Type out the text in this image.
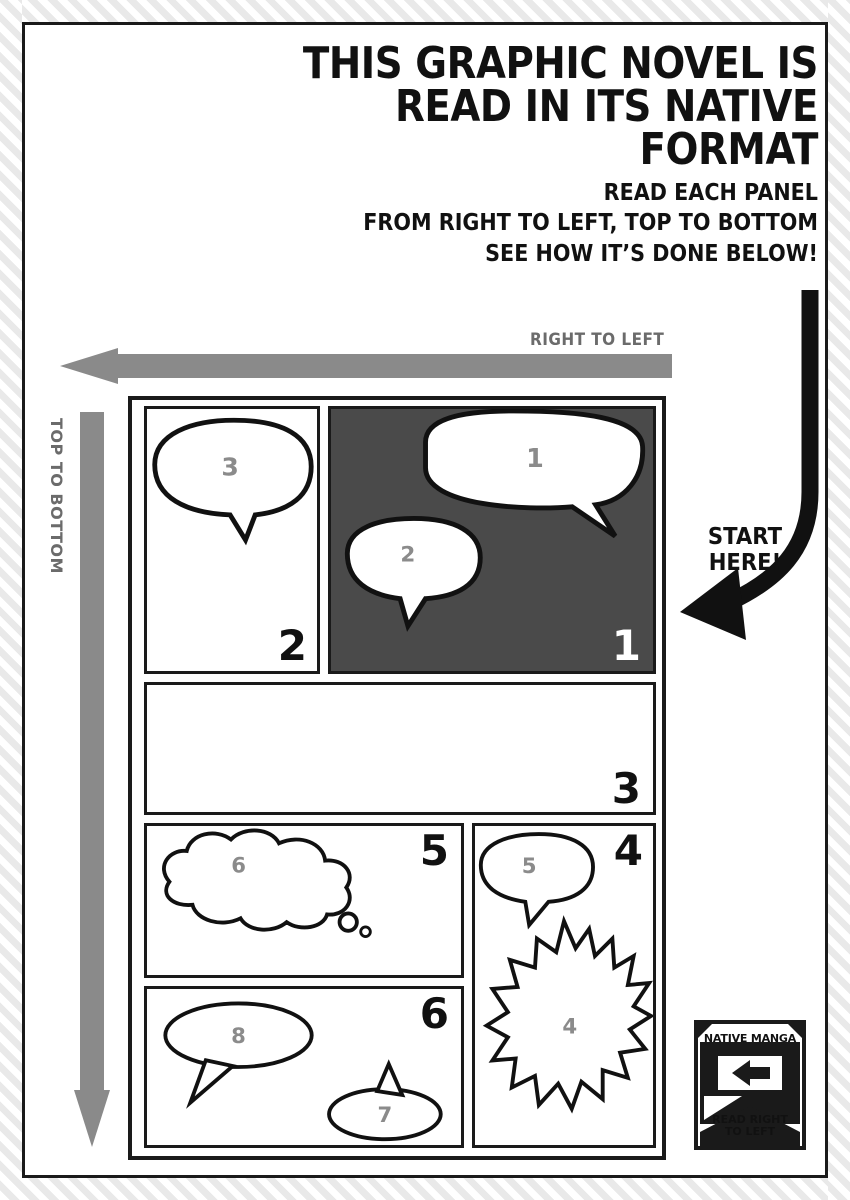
THIS GRAPHIC NOVEL IS
READ IN ITS NATIVE FORMAT
READ EACH PANEL
FROM RIGHT TO LEFT, TOP TO BOTTOM
SEE HOW IT’S DONE BELOW!
START
HERE!
RIGHT TO LEFT
TOP TO BOTTOM	1
2
1
3
2
3
5
4
4
6	5
8
7
6
NATIVE MANGA
READ RIGHT
TO LEFT
